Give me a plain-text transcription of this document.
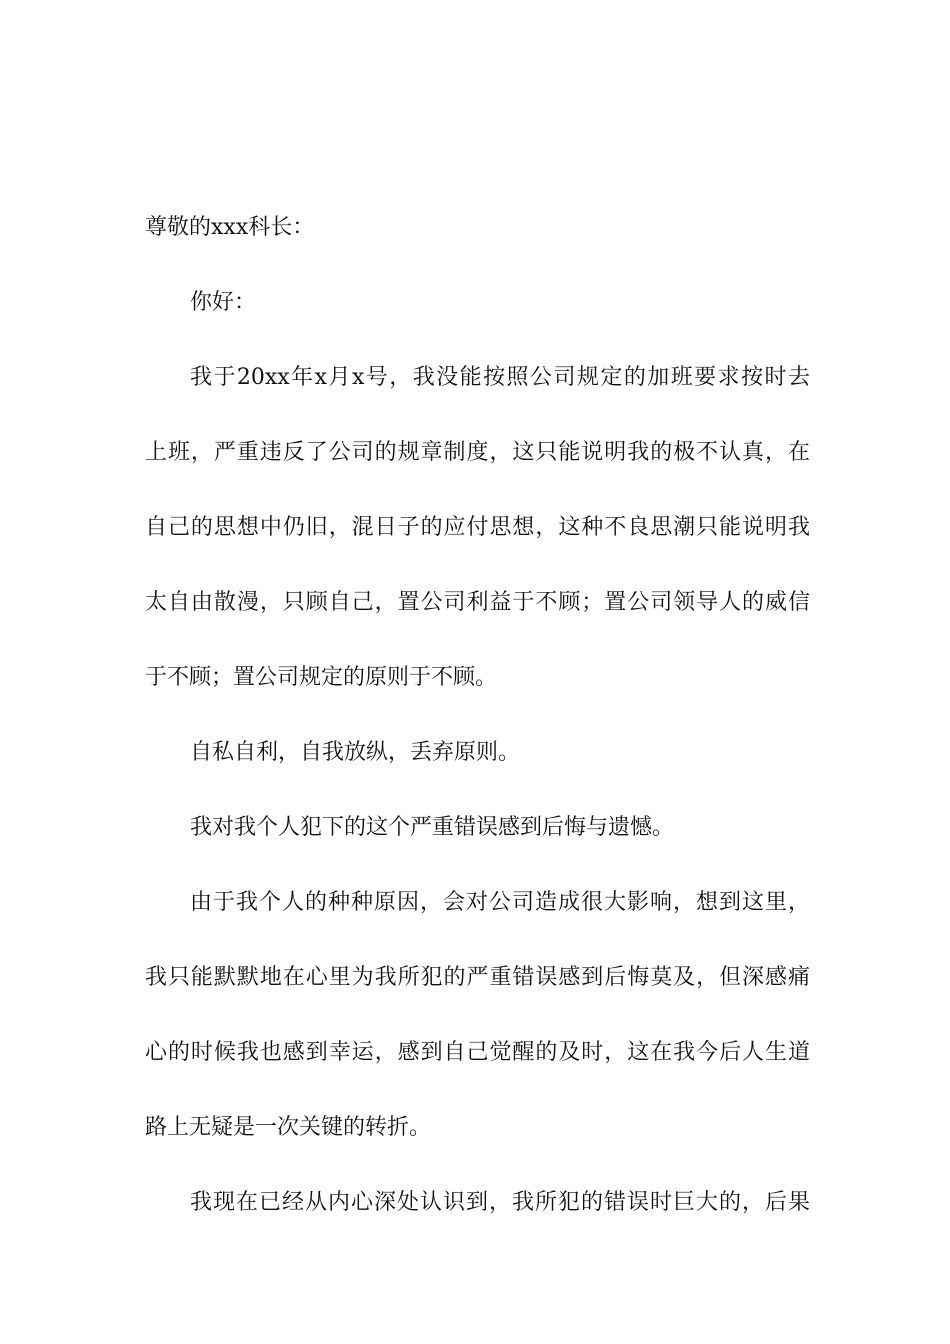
尊敬的xxx科长：
你好：
我于20xx年x月x号，我没能按照公司规定的加班要求按时去
上班，严重违反了公司的规章制度，这只能说明我的极不认真，在
自己的思想中仍旧，混日子的应付思想，这种不良思潮只能说明我
太自由散漫，只顾自己，置公司利益于不顾；置公司领导人的威信
于不顾；置公司规定的原则于不顾。
自私自利，自我放纵，丢弃原则。
我对我个人犯下的这个严重错误感到后悔与遗憾。
由于我个人的种种原因，会对公司造成很大影响，想到这里，
我只能默默地在心里为我所犯的严重错误感到后悔莫及，但深感痛
心的时候我也感到幸运，感到自己觉醒的及时，这在我今后人生道
路上无疑是一次关键的转折。
我现在已经从内心深处认识到，我所犯的错误时巨大的，后果
